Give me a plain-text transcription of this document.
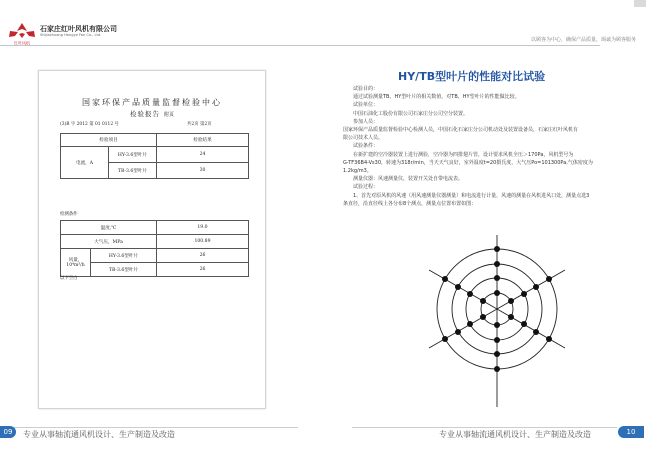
红叶风机
石家庄红叶风机有限公司
Shijiazhuang Hongye Fan Co., Ltd.
以顾客为中心，确保产品质量，竭诚为顾客服务
国家环保产品质量监督检验中心
检验报告 附页
(3)B 字 2012 第 01 0112 号	共2页 第2页
检验项目		检验结果
电流，A	HY-3.6型叶片	24
	TB-3.6型叶片	30
检测条件
温度,℃		19.0
大气压，MPa		100.89
风量，10⁴m³/h	HY-3.6型叶片	26
	TB-3.6型叶片	26
以下空白
HY/TB型叶片的性能对比试验
试验目的：
通过试验测量TB、HY型叶片的相关数值，对TB、HY型叶片的性能做比较。
试验单位：
中国石油化工股份有限公司石家庄分公司空分装置。
参加人员：
国家环保产品质量监督检验中心检测人员，中国石化石家庄分公司机动处及装置设备员，石家庄红叶风机有
限公司技术人员。
试验条件：
在新扩建的空冷器装置上进行测验，空冷器为四排翅片管，设计要求风机全压＞170Pa，风机型号为
G-TF36B4-Vs30，转速为318r/min，当天天气良好，室外温度t=20摄氏度，大气压Po=101300Pa,气体密度为
1.2kg/m3。
测量仪器：风速测量仪，装置开关处自带电流表。
试验过程：
1、首先对原风机的风速（用风速测量仪器测量）和电流进行计量，风速的测量在风机进风口处，测量点选3
条直径，沿直径线上各分布8个测点，测量点位置布置如图：
09	专业从事轴流通风机设计、生产制造及改造	专业从事轴流通风机设计、生产制造及改造	10
